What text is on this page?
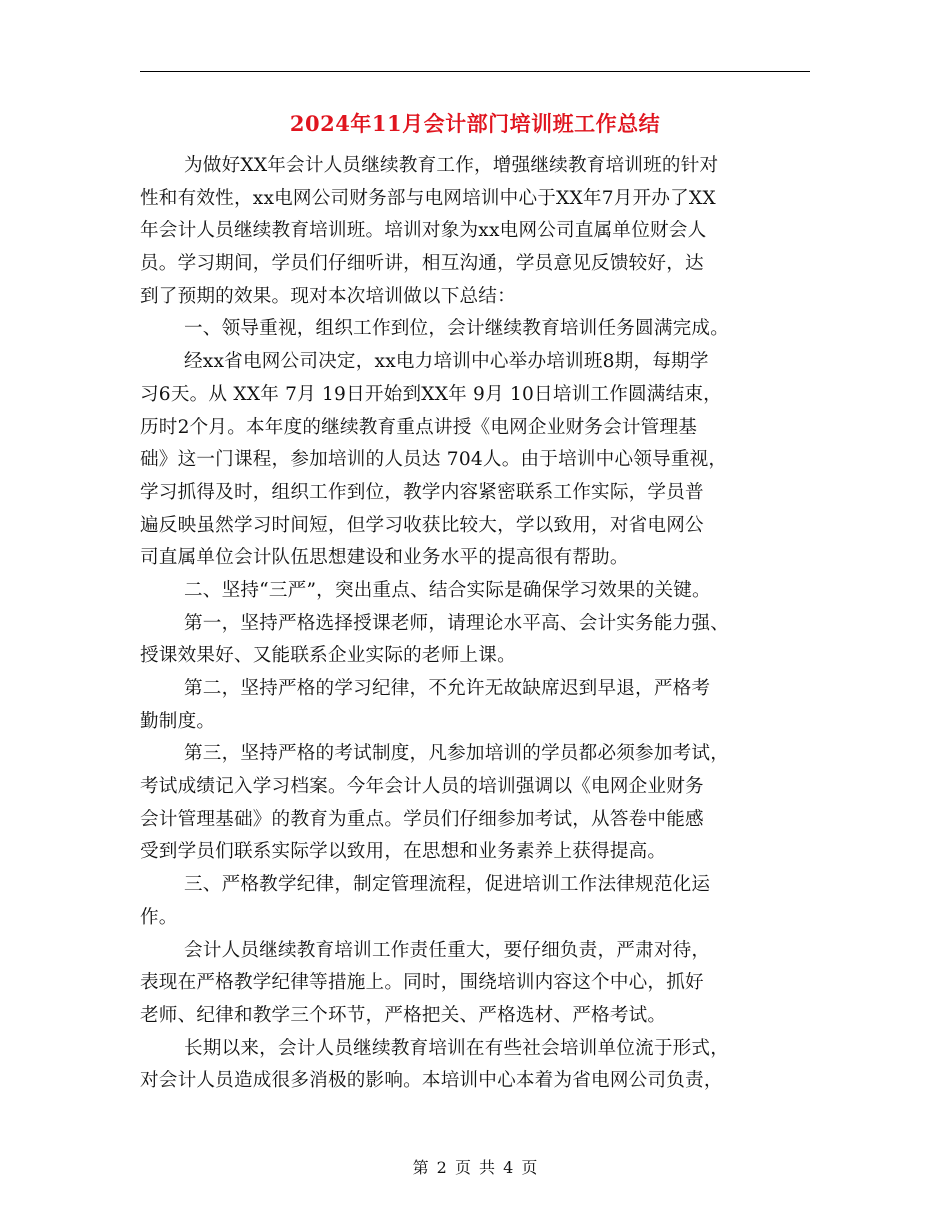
2024年11月会计部门培训班工作总结
为做好XX年会计人员继续教育工作，增强继续教育培训班的针对
性和有效性，xx电网公司财务部与电网培训中心于XX年7月开办了XX
年会计人员继续教育培训班。培训对象为xx电网公司直属单位财会人
员。学习期间，学员们仔细听讲，相互沟通，学员意见反馈较好，达
到了预期的效果。现对本次培训做以下总结：
一、领导重视，组织工作到位，会计继续教育培训任务圆满完成。
经xx省电网公司决定，xx电力培训中心举办培训班8期，每期学
习6天。从 XX年 7月 19日开始到XX年 9月 10日培训工作圆满结束，
历时2个月。本年度的继续教育重点讲授《电网企业财务会计管理基
础》这一门课程，参加培训的人员达 704人。由于培训中心领导重视，
学习抓得及时，组织工作到位，教学内容紧密联系工作实际，学员普
遍反映虽然学习时间短，但学习收获比较大，学以致用，对省电网公
司直属单位会计队伍思想建设和业务水平的提高很有帮助。
二、坚持“三严”，突出重点、结合实际是确保学习效果的关键。
第一，坚持严格选择授课老师，请理论水平高、会计实务能力强、
授课效果好、又能联系企业实际的老师上课。
第二，坚持严格的学习纪律，不允许无故缺席迟到早退，严格考
勤制度。
第三，坚持严格的考试制度，凡参加培训的学员都必须参加考试，
考试成绩记入学习档案。今年会计人员的培训强调以《电网企业财务
会计管理基础》的教育为重点。学员们仔细参加考试，从答卷中能感
受到学员们联系实际学以致用，在思想和业务素养上获得提高。
三、严格教学纪律，制定管理流程，促进培训工作法律规范化运
作。
会计人员继续教育培训工作责任重大，要仔细负责，严肃对待，
表现在严格教学纪律等措施上。同时，围绕培训内容这个中心，抓好
老师、纪律和教学三个环节，严格把关、严格选材、严格考试。
长期以来，会计人员继续教育培训在有些社会培训单位流于形式，
对会计人员造成很多消极的影响。本培训中心本着为省电网公司负责，
第 2 页 共 4 页
